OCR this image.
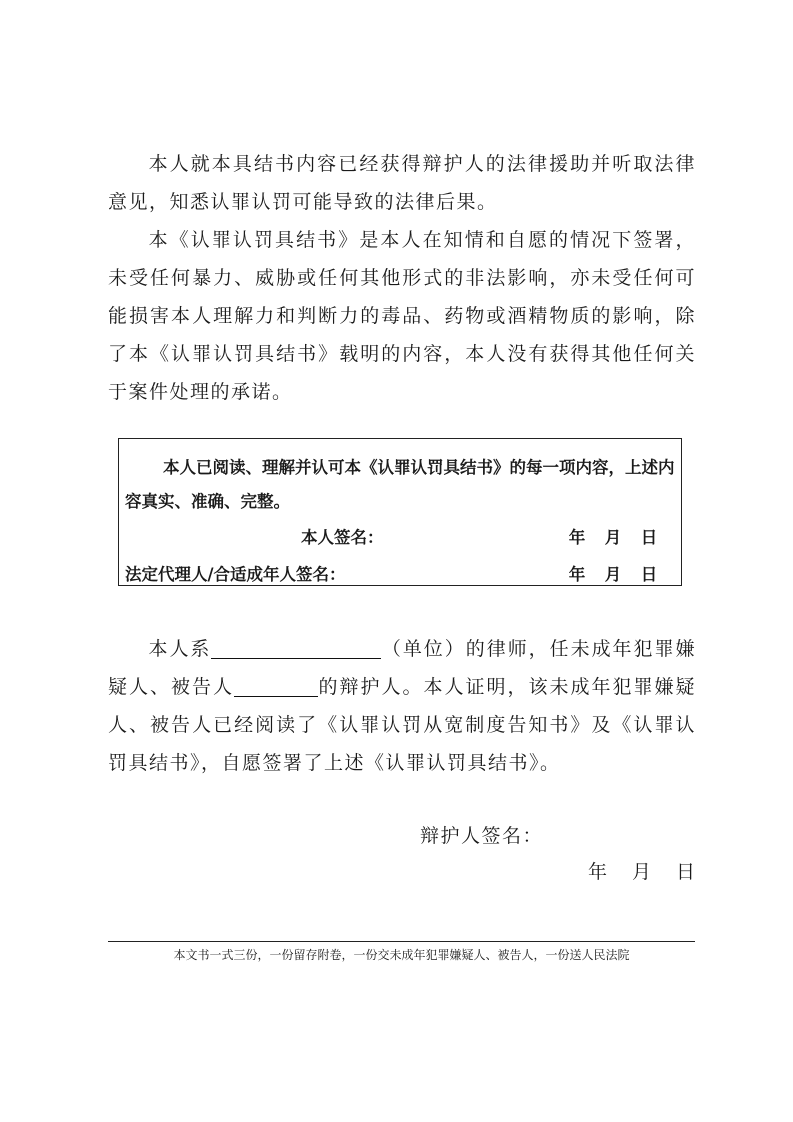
本人就本具结书内容已经获得辩护人的法律援助并听取法律意见，知悉认罪认罚可能导致的法律后果。

本《认罪认罚具结书》是本人在知情和自愿的情况下签署，未受任何暴力、威胁或任何其他形式的非法影响，亦未受任何可能损害本人理解力和判断力的毒品、药物或酒精物质的影响，除了本《认罪认罚具结书》载明的内容，本人没有获得其他任何关于案件处理的承诺。

本人已阅读、理解并认可本《认罪认罚具结书》的每一项内容，上述内容真实、准确、完整。

本人签名：	年 月 日
法定代理人/合适成年人签名：	年 月 日

本人系	（单位）的律师，任未成年犯罪嫌疑人、被告人	的辩护人。本人证明，该未成年犯罪嫌疑人、被告人已经阅读了《认罪认罚从宽制度告知书》及《认罪认罚具结书》，自愿签署了上述《认罪认罚具结书》。

辩护人签名：
年 月 日
本文书一式三份，一份留存附卷，一份交未成年犯罪嫌疑人、被告人，一份送人民法院
